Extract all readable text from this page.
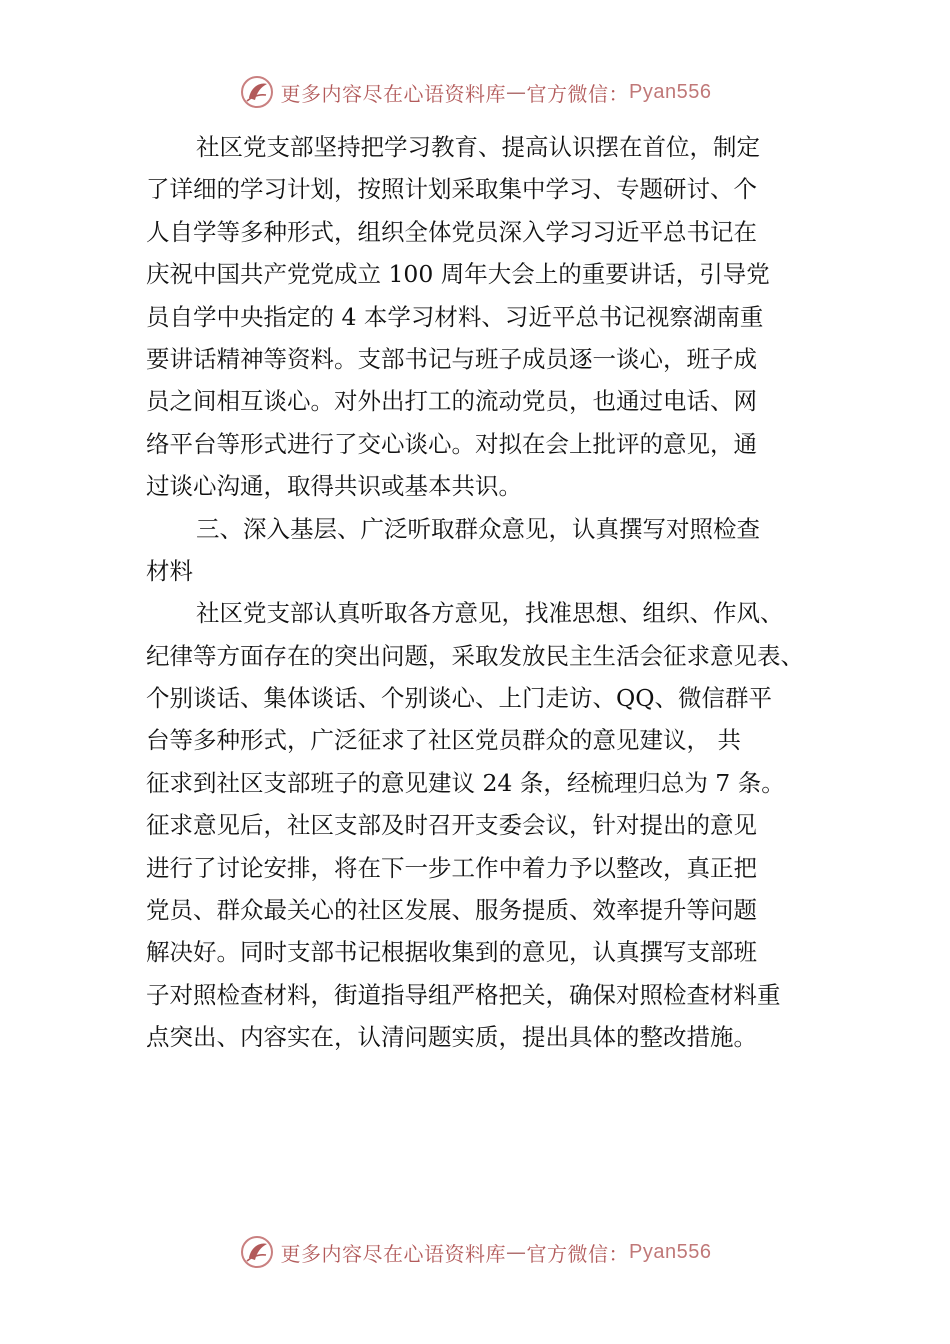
更多内容尽在心语资料库 — 官方微信： Pyan556
社区党支部坚持把学习教育、提高认识摆在首位，制定
了详细的学习计划，按照计划采取集中学习、专题研讨、个
人自学等多种形式，组织全体党员深入学习习近平总书记在
庆祝中国共产党党成立 100 周年大会上的重要讲话，引导党
员自学中央指定的 4 本学习材料、习近平总书记视察湖南重
要讲话精神等资料。支部书记与班子成员逐一谈心，班子成
员之间相互谈心。对外出打工的流动党员，也通过电话、网
络平台等形式进行了交心谈心。对拟在会上批评的意见，通
过谈心沟通，取得共识或基本共识。
三、深入基层、广泛听取群众意见，认真撰写对照检查
材料
社区党支部认真听取各方意见，找准思想、组织、作风、
纪律等方面存在的突出问题，采取发放民主生活会征求意见表、
个别谈话、集体谈话、个别谈心、上门走访、QQ、微信群平
台等多种形式，广泛征求了社区党员群众的意见建议， 共
征求到社区支部班子的意见建议 24 条，经梳理归总为 7 条。
征求意见后，社区支部及时召开支委会议，针对提出的意见
进行了讨论安排，将在下一步工作中着力予以整改，真正把
党员、群众最关心的社区发展、服务提质、效率提升等问题
解决好。同时支部书记根据收集到的意见，认真撰写支部班
子对照检查材料，街道指导组严格把关，确保对照检查材料重
点突出、内容实在，认清问题实质，提出具体的整改措施。
更多内容尽在心语资料库 — 官方微信： Pyan556
